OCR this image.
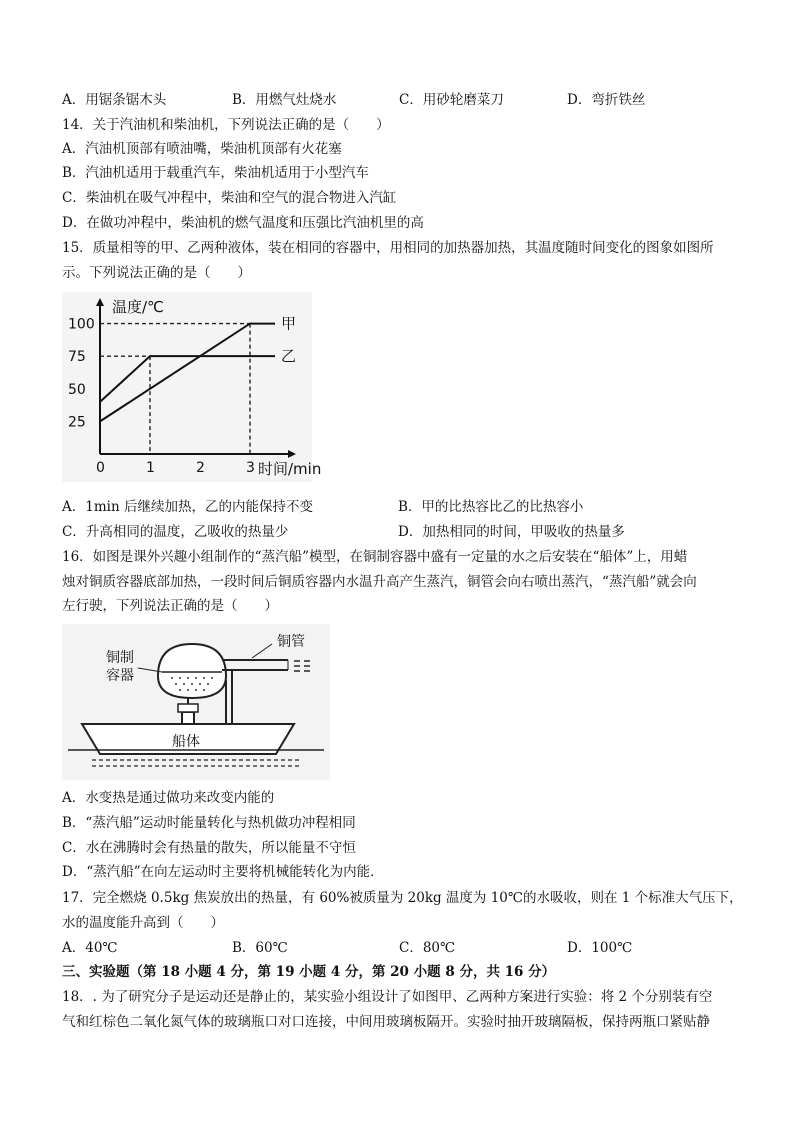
A．用锯条锯木头	B．用燃气灶烧水	C．用砂轮磨菜刀	D．弯折铁丝
14．关于汽油机和柴油机，下列说法正确的是（　　）
A．汽油机顶部有喷油嘴，柴油机顶部有火花塞
B．汽油机适用于载重汽车，柴油机适用于小型汽车
C．柴油机在吸气冲程中，柴油和空气的混合物进入汽缸
D．在做功冲程中，柴油机的燃气温度和压强比汽油机里的高
15．质量相等的甲、乙两种液体，装在相同的容器中，用相同的加热器加热，其温度随时间变化的图象如图所
示。下列说法正确的是（　　）
温度/℃
时间/min
0	1	2	3
25
50
75
100	甲
乙
A．1min 后继续加热，乙的内能保持不变	B．甲的比热容比乙的比热容小
C．升高相同的温度，乙吸收的热量少	D．加热相同的时间，甲吸收的热量多
16．如图是课外兴趣小组制作的“蒸汽船”模型，在铜制容器中盛有一定量的水之后安装在“船体”上，用蜡
烛对铜质容器底部加热，一段时间后铜质容器内水温升高产生蒸汽，铜管会向右喷出蒸汽，“蒸汽船”就会向
左行驶，下列说法正确的是（　　）
铜管
铜制
容器
船体
A．水变热是通过做功来改变内能的
B．“蒸汽船”运动时能量转化与热机做功冲程相同
C．水在沸腾时会有热量的散失，所以能量不守恒
D．“蒸汽船”在向左运动时主要将机械能转化为内能．
17．完全燃烧 0.5kg 焦炭放出的热量，有 60%被质量为 20kg 温度为 10℃的水吸收，则在 1 个标准大气压下，
水的温度能升高到（　　）
A．40℃	B．60℃	C．80℃	D．100℃
三、实验题（第 18 小题 4 分，第 19 小题 4 分，第 20 小题 8 分，共 16 分）
18．. 为了研究分子是运动还是静止的，某实验小组设计了如图甲、乙两种方案进行实验：将 2 个分别装有空
气和红棕色二氧化氮气体的玻璃瓶口对口连接，中间用玻璃板隔开。实验时抽开玻璃隔板，保持两瓶口紧贴静
